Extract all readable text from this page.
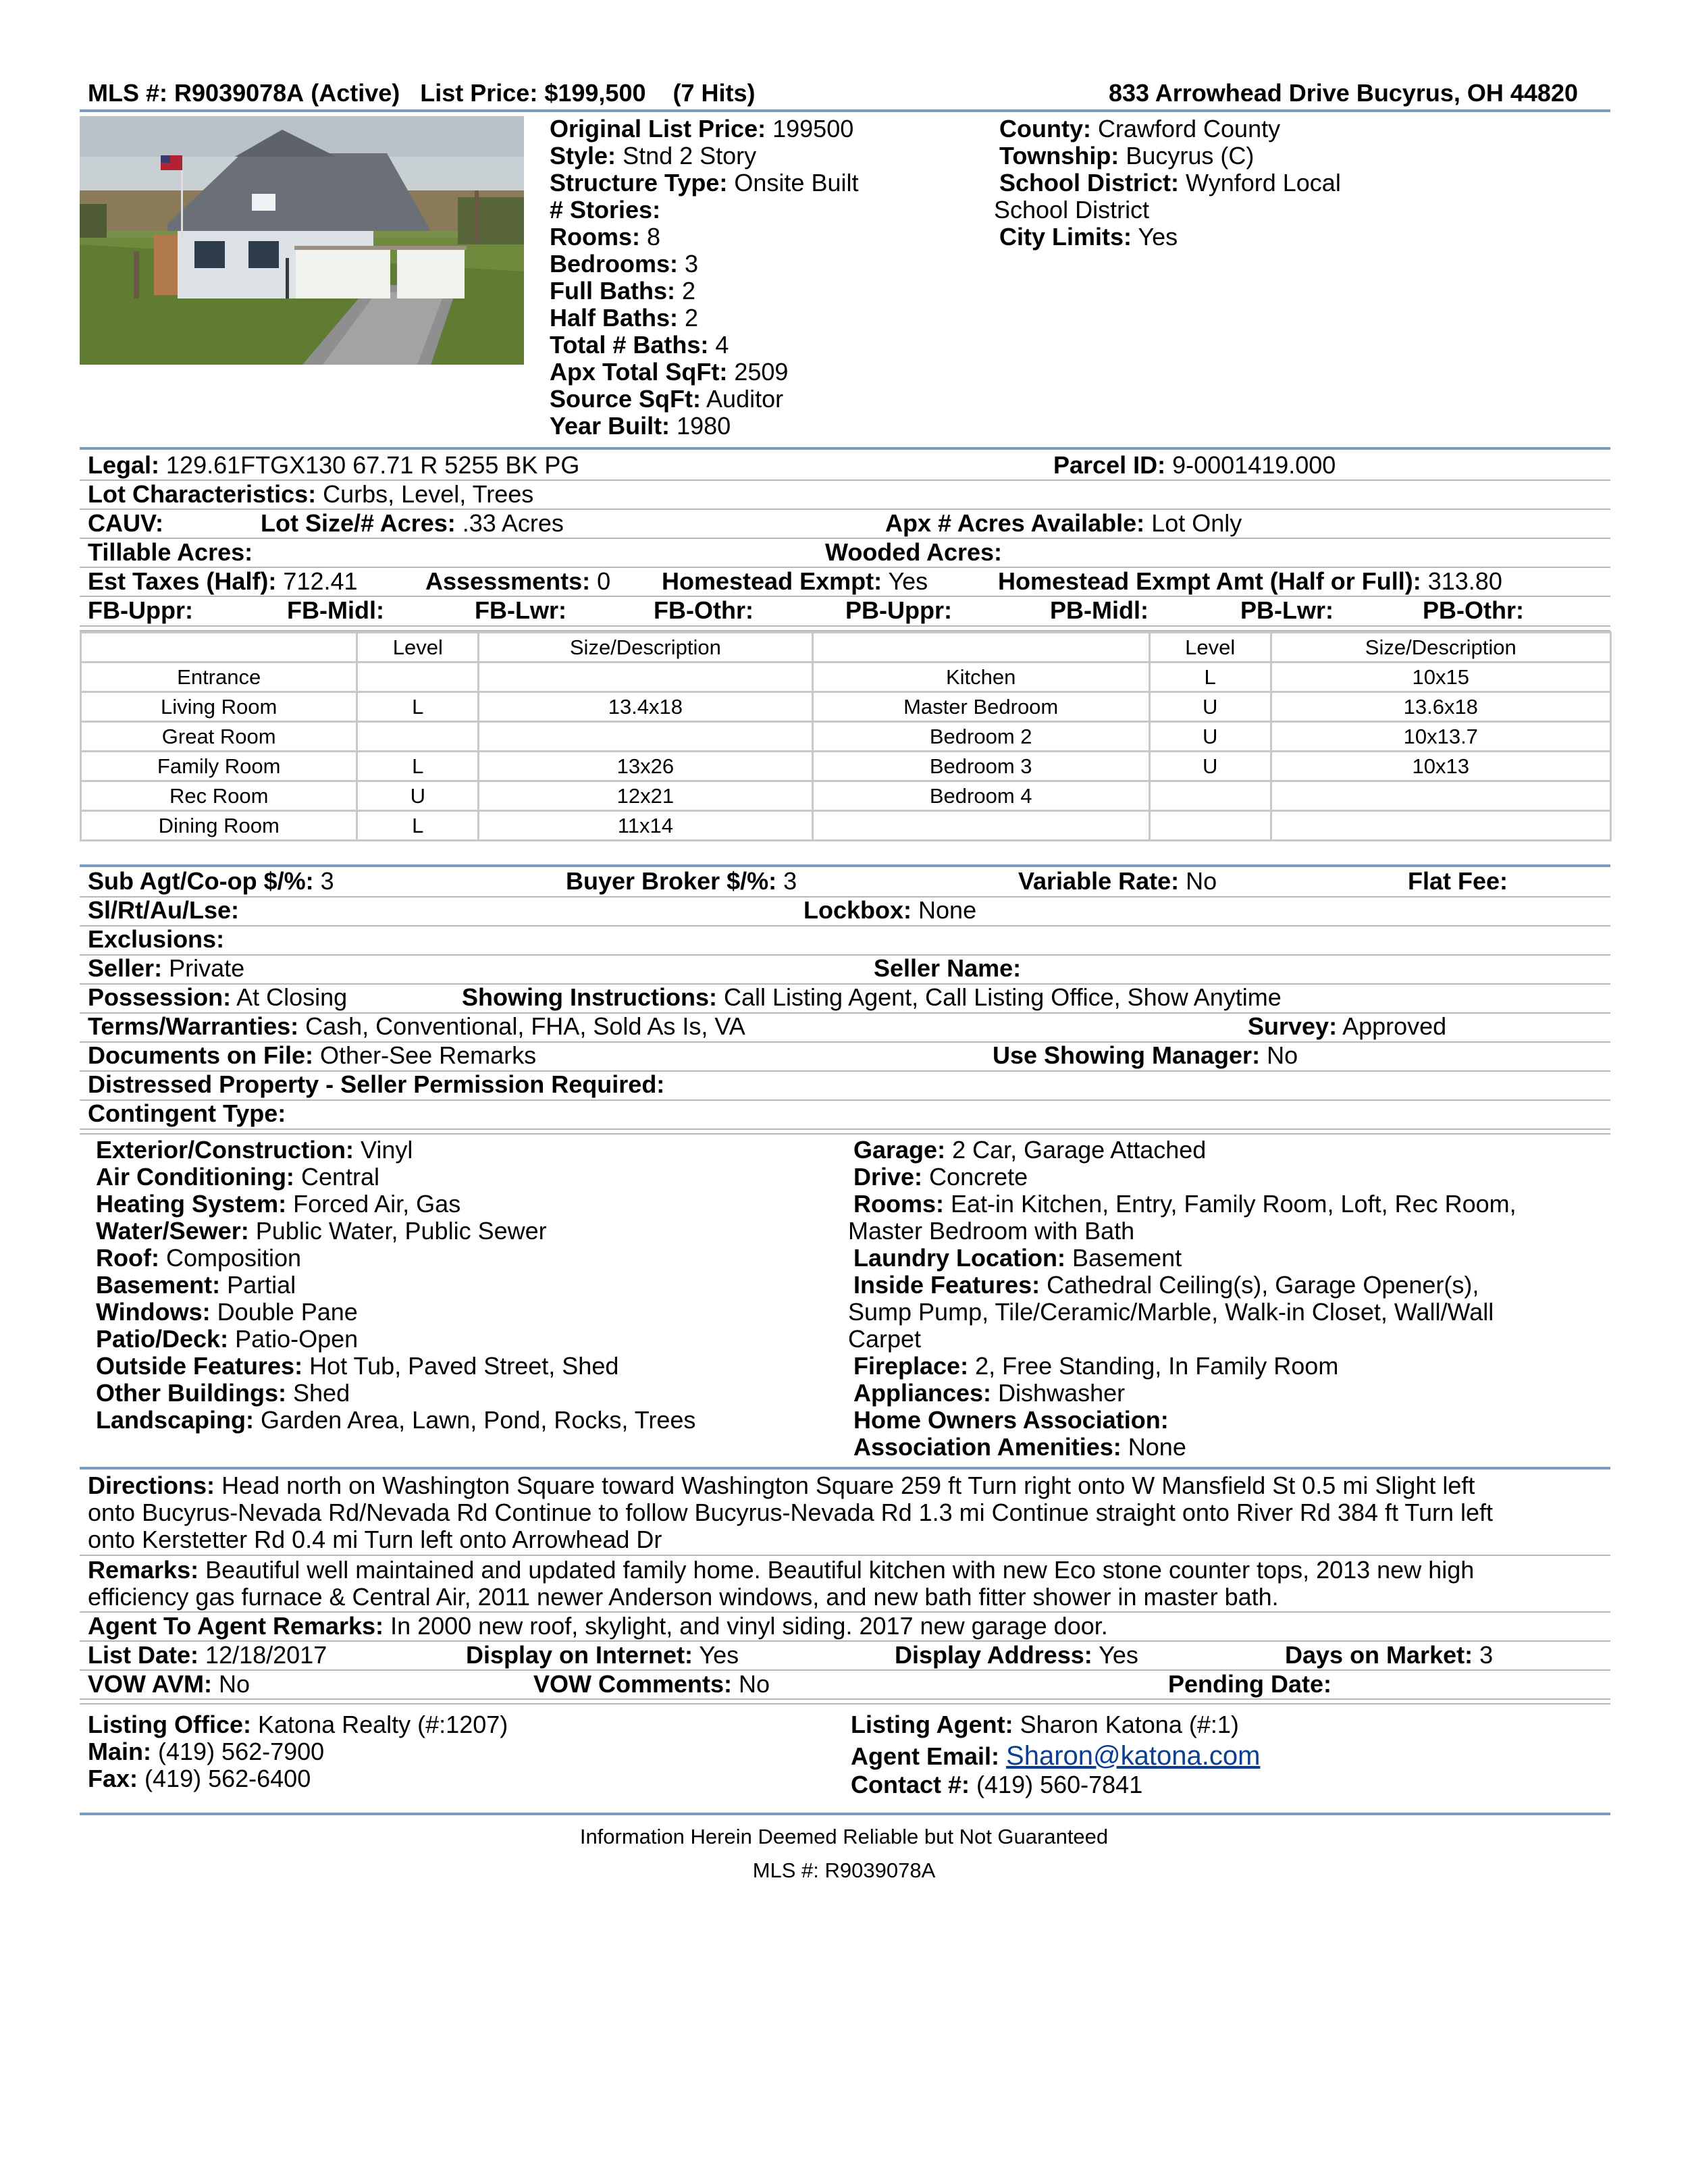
MLS #: R9039078A (Active) List Price: $199,500 (7 Hits)	833 Arrowhead Drive Bucyrus, OH 44820
Original List Price: 199500
Style: Stnd 2 Story
Structure Type: Onsite Built
# Stories:
Rooms: 8
Bedrooms: 3
Full Baths: 2
Half Baths: 2
Total # Baths: 4
Apx Total SqFt: 2509
Source SqFt: Auditor
Year Built: 1980
County: Crawford County
Township: Bucyrus (C)
School District: Wynford Local
School District
City Limits: Yes
Legal: 129.61FTGX130 67.71 R 5255 BK PG	Parcel ID: 9-0001419.000
Lot Characteristics: Curbs, Level, Trees
CAUV:	Lot Size/# Acres: .33 Acres	Apx # Acres Available: Lot Only
Tillable Acres:	Wooded Acres:
Est Taxes (Half): 712.41	Assessments: 0 Homestead Exmpt: Yes	Homestead Exmpt Amt (Half or Full): 313.80
FB-Uppr:	FB-Midl:	FB-Lwr:	FB-Othr:	PB-Uppr:	PB-Midl:	PB-Lwr:	PB-Othr:
	Level	Size/Description		Level	Size/Description
Entrance			Kitchen	L	10x15
Living Room	L	13.4x18	Master Bedroom	U	13.6x18
Great Room			Bedroom 2	U	10x13.7
Family Room	L	13x26	Bedroom 3	U	10x13
Rec Room	U	12x21	Bedroom 4		
Dining Room	L	11x14			
Sub Agt/Co-op $/%: 3	Buyer Broker $/%: 3	Variable Rate: No	Flat Fee:
Sl/Rt/Au/Lse:	Lockbox: None
Exclusions:
Seller: Private	Seller Name:
Possession: At Closing	Showing Instructions: Call Listing Agent, Call Listing Office, Show Anytime
Terms/Warranties: Cash, Conventional, FHA, Sold As Is, VA	Survey: Approved
Documents on File: Other-See Remarks	Use Showing Manager: No
Distressed Property - Seller Permission Required:
Contingent Type:
Exterior/Construction: Vinyl
Air Conditioning: Central
Heating System: Forced Air, Gas
Water/Sewer: Public Water, Public Sewer
Roof: Composition
Basement: Partial
Windows: Double Pane
Patio/Deck: Patio-Open
Outside Features: Hot Tub, Paved Street, Shed
Other Buildings: Shed
Landscaping: Garden Area, Lawn, Pond, Rocks, Trees
Garage: 2 Car, Garage Attached
Drive: Concrete
Rooms: Eat-in Kitchen, Entry, Family Room, Loft, Rec Room,
Master Bedroom with Bath
Laundry Location: Basement
Inside Features: Cathedral Ceiling(s), Garage Opener(s),
Sump Pump, Tile/Ceramic/Marble, Walk-in Closet, Wall/Wall
Carpet
Fireplace: 2, Free Standing, In Family Room
Appliances: Dishwasher
Home Owners Association:
Association Amenities: None
Directions: Head north on Washington Square toward Washington Square 259 ft Turn right onto W Mansfield St 0.5 mi Slight left
onto Bucyrus-Nevada Rd/Nevada Rd Continue to follow Bucyrus-Nevada Rd 1.3 mi Continue straight onto River Rd 384 ft Turn left
onto Kerstetter Rd 0.4 mi Turn left onto Arrowhead Dr
Remarks: Beautiful well maintained and updated family home. Beautiful kitchen with new Eco stone counter tops, 2013 new high
efficiency gas furnace & Central Air, 2011 newer Anderson windows, and new bath fitter shower in master bath.
Agent To Agent Remarks: In 2000 new roof, skylight, and vinyl siding. 2017 new garage door.
List Date: 12/18/2017	Display on Internet: Yes	Display Address: Yes	Days on Market: 3
VOW AVM: No	VOW Comments: No	Pending Date:
Listing Office: Katona Realty (#:1207)
Main: (419) 562-7900
Fax: (419) 562-6400
Listing Agent: Sharon Katona (#:1)
Agent Email: Sharon@katona.com
Contact #: (419) 560-7841
Information Herein Deemed Reliable but Not Guaranteed
MLS #: R9039078A
